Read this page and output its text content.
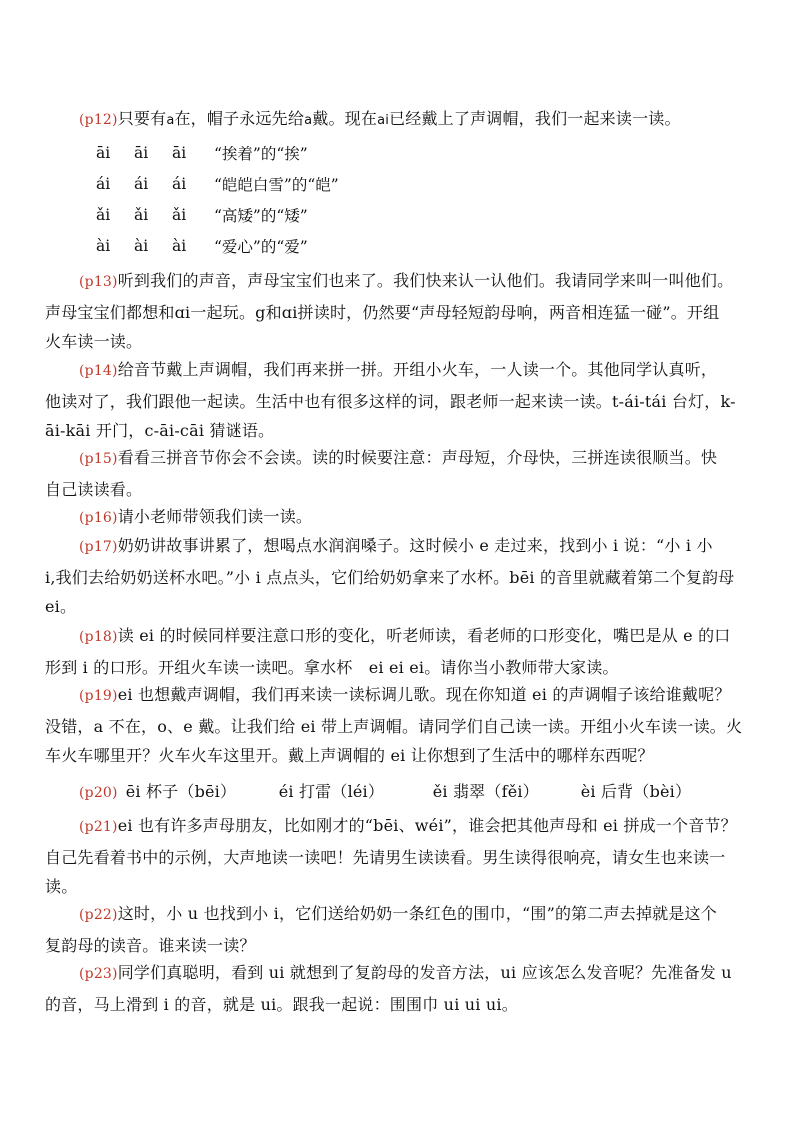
(p12)只要有a在，帽子永远先给a戴。现在ai已经戴上了声调帽，我们一起来读一读。
āi	āi	āi	“挨着”的“挨”
ái	ái	ái	“皑皑白雪”的“皑”
ǎi	ǎi	ǎi	“高矮”的“矮”
ài	ài	ài	“爱心”的“爱”
(p13)听到我们的声音，声母宝宝们也来了。我们快来认一认他们。我请同学来叫一叫他们。
声母宝宝们都想和ɑi一起玩。g和ɑi拼读时，仍然要“声母轻短韵母响，两音相连猛一碰”。开组
火车读一读。
(p14)给音节戴上声调帽，我们再来拼一拼。开组小火车，一人读一个。其他同学认真听，
他读对了，我们跟他一起读。生活中也有很多这样的词，跟老师一起来读一读。t-ái-tái 台灯，k-
āi-kāi 开门，c-āi-cāi 猜谜语。
(p15)看看三拼音节你会不会读。读的时候要注意：声母短，介母快，三拼连读很顺当。快
自己读读看。
(p16)请小老师带领我们读一读。
(p17)奶奶讲故事讲累了，想喝点水润润嗓子。这时候小 e 走过来，找到小 i 说：“小 i 小
i,我们去给奶奶送杯水吧。”小 i 点点头，它们给奶奶拿来了水杯。bēi 的音里就藏着第二个复韵母
ei。
(p18)读 ei 的时候同样要注意口形的变化，听老师读，看老师的口形变化，嘴巴是从 e 的口
形到 i 的口形。开组火车读一读吧。拿水杯　ei ei ei。请你当小教师带大家读。
(p19)ei 也想戴声调帽，我们再来读一读标调儿歌。现在你知道 ei 的声调帽子该给谁戴呢？
没错，a 不在，o、e 戴。让我们给 ei 带上声调帽。请同学们自己读一读。开组小火车读一读。火
车火车哪里开？火车火车这里开。戴上声调帽的 ei 让你想到了生活中的哪样东西呢？
(p20) ēi 杯子（bēi）	éi 打雷（léi）	ěi 翡翠（fěi）	èi 后背（bèi）
(p21)ei 也有许多声母朋友，比如刚才的“bēi、wéi”，谁会把其他声母和 ei 拼成一个音节？
自己先看着书中的示例，大声地读一读吧！先请男生读读看。男生读得很响亮，请女生也来读一
读。
(p22)这时，小 u 也找到小 i，它们送给奶奶一条红色的围巾，“围”的第二声去掉就是这个
复韵母的读音。谁来读一读？
(p23)同学们真聪明，看到 ui 就想到了复韵母的发音方法，ui 应该怎么发音呢？先准备发 u
的音，马上滑到 i 的音，就是 ui。跟我一起说：围围巾 ui ui ui。
